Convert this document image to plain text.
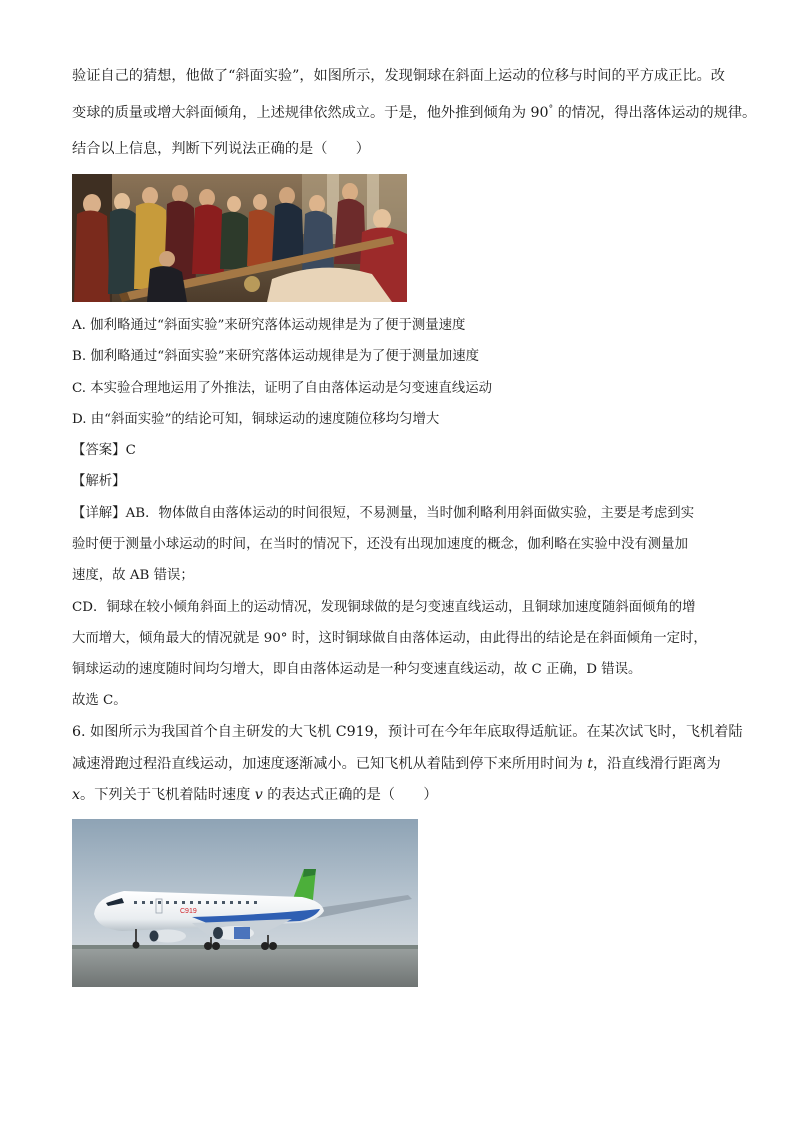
验证自己的猜想，他做了“斜面实验”，如图所示，发现铜球在斜面上运动的位移与时间的平方成正比。改
变球的质量或增大斜面倾角，上述规律依然成立。于是，他外推到倾角为 90° 的情况，得出落体运动的规律。
结合以上信息，判断下列说法正确的是（　　）
A. 伽利略通过“斜面实验”来研究落体运动规律是为了便于测量速度
B. 伽利略通过“斜面实验”来研究落体运动规律是为了便于测量加速度
C. 本实验合理地运用了外推法，证明了自由落体运动是匀变速直线运动
D. 由“斜面实验”的结论可知，铜球运动的速度随位移均匀增大
【答案】C
【解析】
【详解】AB．物体做自由落体运动的时间很短，不易测量，当时伽利略利用斜面做实验，主要是考虑到实
验时便于测量小球运动的时间，在当时的情况下，还没有出现加速度的概念，伽利略在实验中没有测量加
速度，故 AB 错误；
CD．铜球在较小倾角斜面上的运动情况，发现铜球做的是匀变速直线运动，且铜球加速度随斜面倾角的增
大而增大，倾角最大的情况就是 90° 时，这时铜球做自由落体运动，由此得出的结论是在斜面倾角一定时，
铜球运动的速度随时间均匀增大，即自由落体运动是一种匀变速直线运动，故 C 正确，D 错误。
故选 C。
6. 如图所示为我国首个自主研发的大飞机 C919，预计可在今年年底取得适航证。在某次试飞时，飞机着陆
减速滑跑过程沿直线运动，加速度逐渐减小。已知飞机从着陆到停下来所用时间为 t，沿直线滑行距离为
x。下列关于飞机着陆时速度 v 的表达式正确的是（　　）
C919
